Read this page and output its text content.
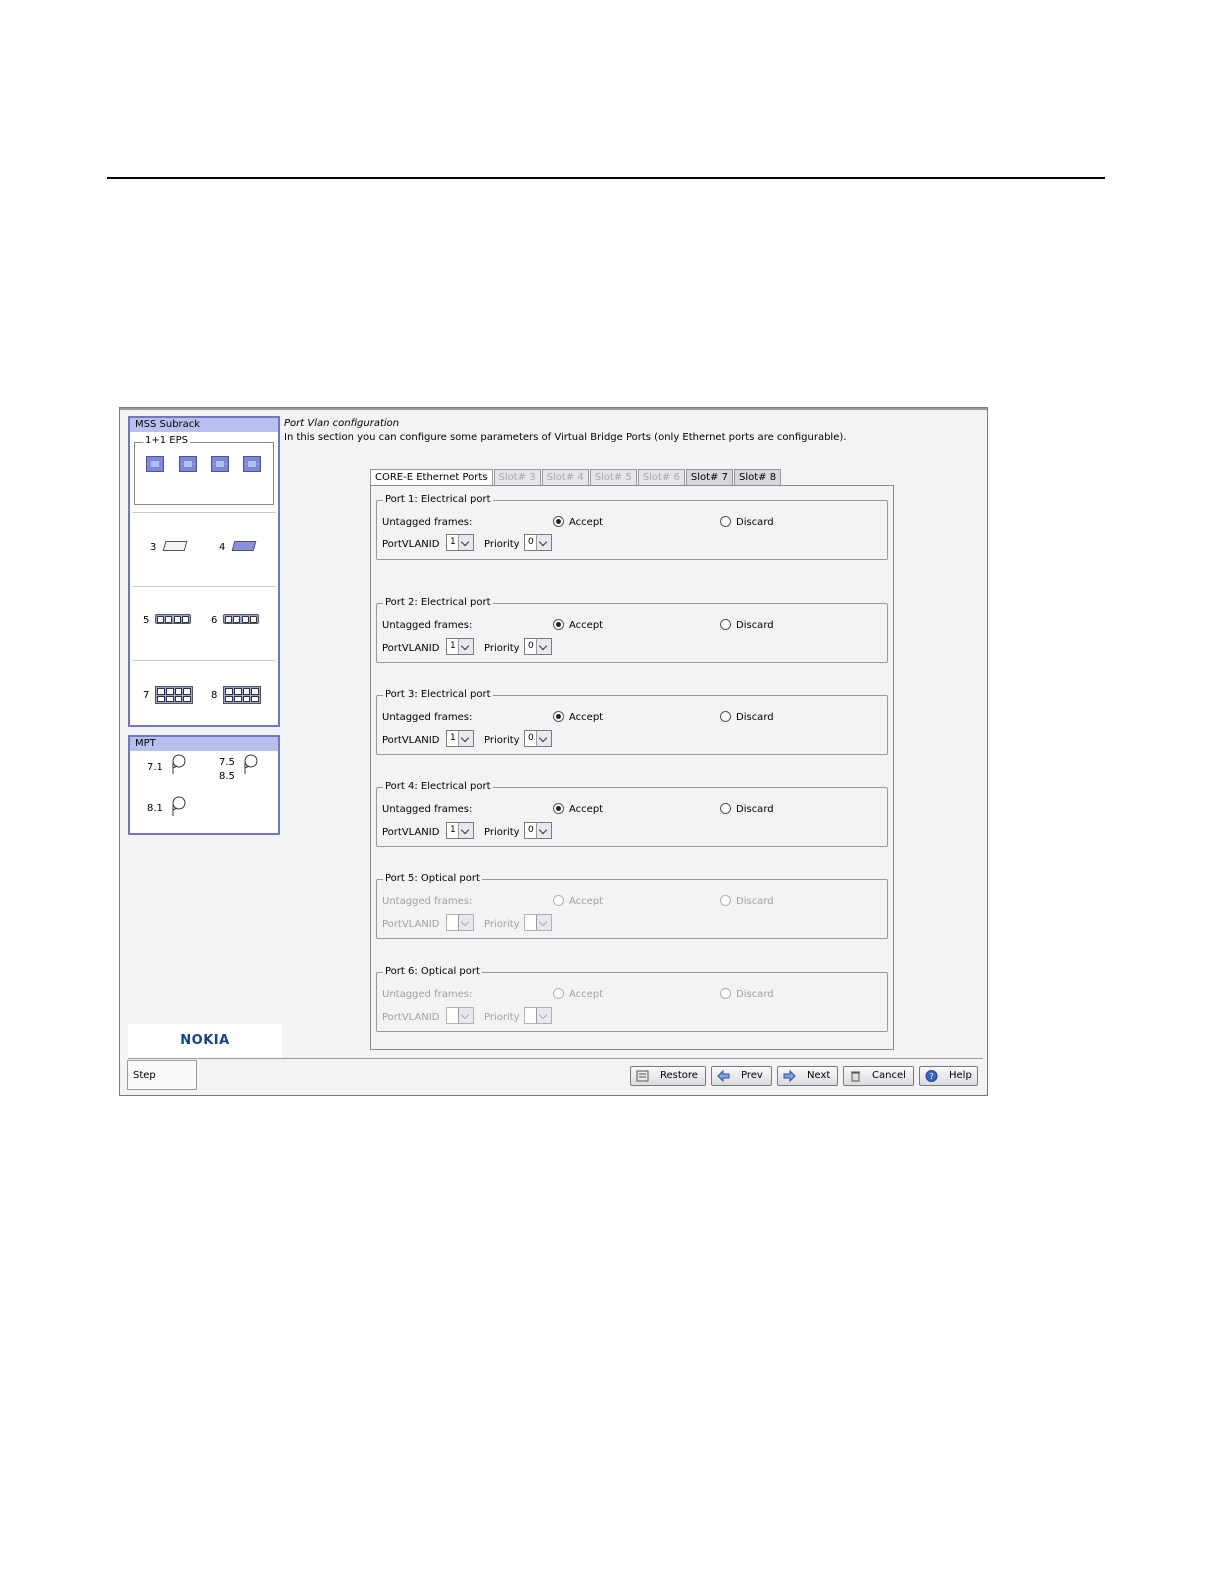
MSS Subrack
1+1 EPS
3	4
5	6
7	8
MPT
7.1	7.5
8.5
8.1
NOKIA
Port Vlan configuration
In this section you can configure some parameters of Virtual Bridge Ports (only Ethernet ports are configurable).
CORE-E Ethernet Ports	Slot# 3	Slot# 4	Slot# 5	Slot# 6	Slot# 7	Slot# 8
Port 1: Electrical port
Untagged frames:	Accept	Discard
PortVLANID 1	Priority 0
Port 2: Electrical port
Untagged frames:	Accept	Discard
PortVLANID 1	Priority 0
Port 3: Electrical port
Untagged frames:	Accept	Discard
PortVLANID 1	Priority 0
Port 4: Electrical port
Untagged frames:	Accept	Discard
PortVLANID 1	Priority 0
Port 5: Optical port
Untagged frames:	Accept	Discard
PortVLANID	Priority
Port 6: Optical port
Untagged frames:	Accept	Discard
PortVLANID	Priority
Step	Restore	Prev	Next	Cancel	? Help
